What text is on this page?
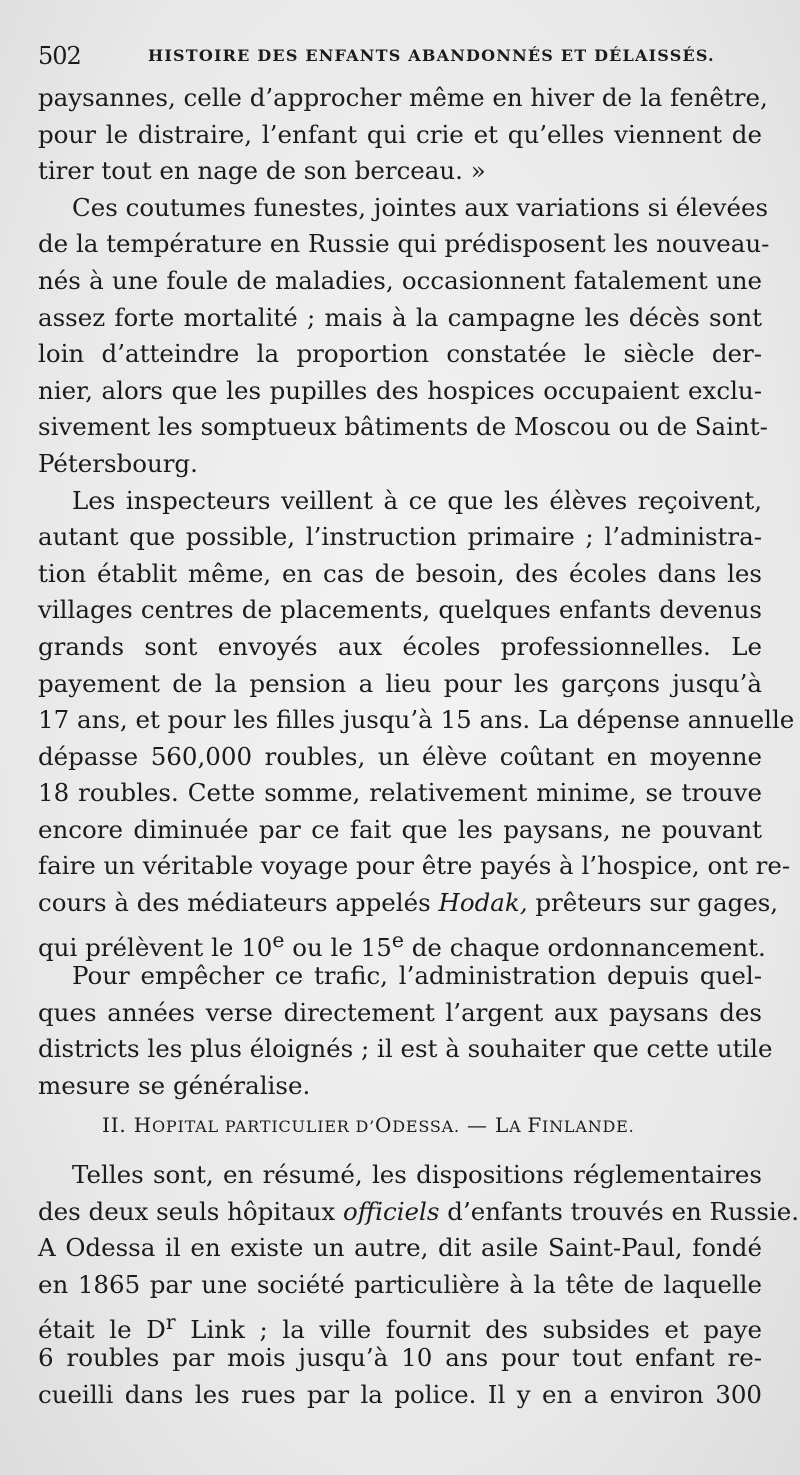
502	HISTOIRE DES ENFANTS ABANDONNÉS ET DÉLAISSÉS.
paysannes, celle d’approcher même en hiver de la fenêtre,
pour le distraire, l’enfant qui crie et qu’elles viennent de
tirer tout en nage de son berceau. »
Ces coutumes funestes, jointes aux variations si élevées
de la température en Russie qui prédisposent les nouveau-
nés à une foule de maladies, occasionnent fatalement une
assez forte mortalité ; mais à la campagne les décès sont
loin d’atteindre la proportion constatée le siècle der-
nier, alors que les pupilles des hospices occupaient exclu-
sivement les somptueux bâtiments de Moscou ou de Saint-
Pétersbourg.
Les inspecteurs veillent à ce que les élèves reçoivent,
autant que possible, l’instruction primaire ; l’administra-
tion établit même, en cas de besoin, des écoles dans les
villages centres de placements, quelques enfants devenus
grands sont envoyés aux écoles professionnelles. Le
payement de la pension a lieu pour les garçons jusqu’à
17 ans, et pour les filles jusqu’à 15 ans. La dépense annuelle
dépasse 560,000 roubles, un élève coûtant en moyenne
18 roubles. Cette somme, relativement minime, se trouve
encore diminuée par ce fait que les paysans, ne pouvant
faire un véritable voyage pour être payés à l’hospice, ont re-
cours à des médiateurs appelés Hodak, prêteurs sur gages,
qui prélèvent le 10e ou le 15e de chaque ordonnancement.
Pour empêcher ce trafic, l’administration depuis quel-
ques années verse directement l’argent aux paysans des
districts les plus éloignés ; il est à souhaiter que cette utile
mesure se généralise.
II. HOPITAL PARTICULIER D’ODESSA. — LA FINLANDE.
Telles sont, en résumé, les dispositions réglementaires
des deux seuls hôpitaux officiels d’enfants trouvés en Russie.
A Odessa il en existe un autre, dit asile Saint-Paul, fondé
en 1865 par une société particulière à la tête de laquelle
était le $D^r$ Link ; la ville fournit des subsides et paye
6 roubles par mois jusqu’à 10 ans pour tout enfant re-
cueilli dans les rues par la police. Il y en a environ 300
